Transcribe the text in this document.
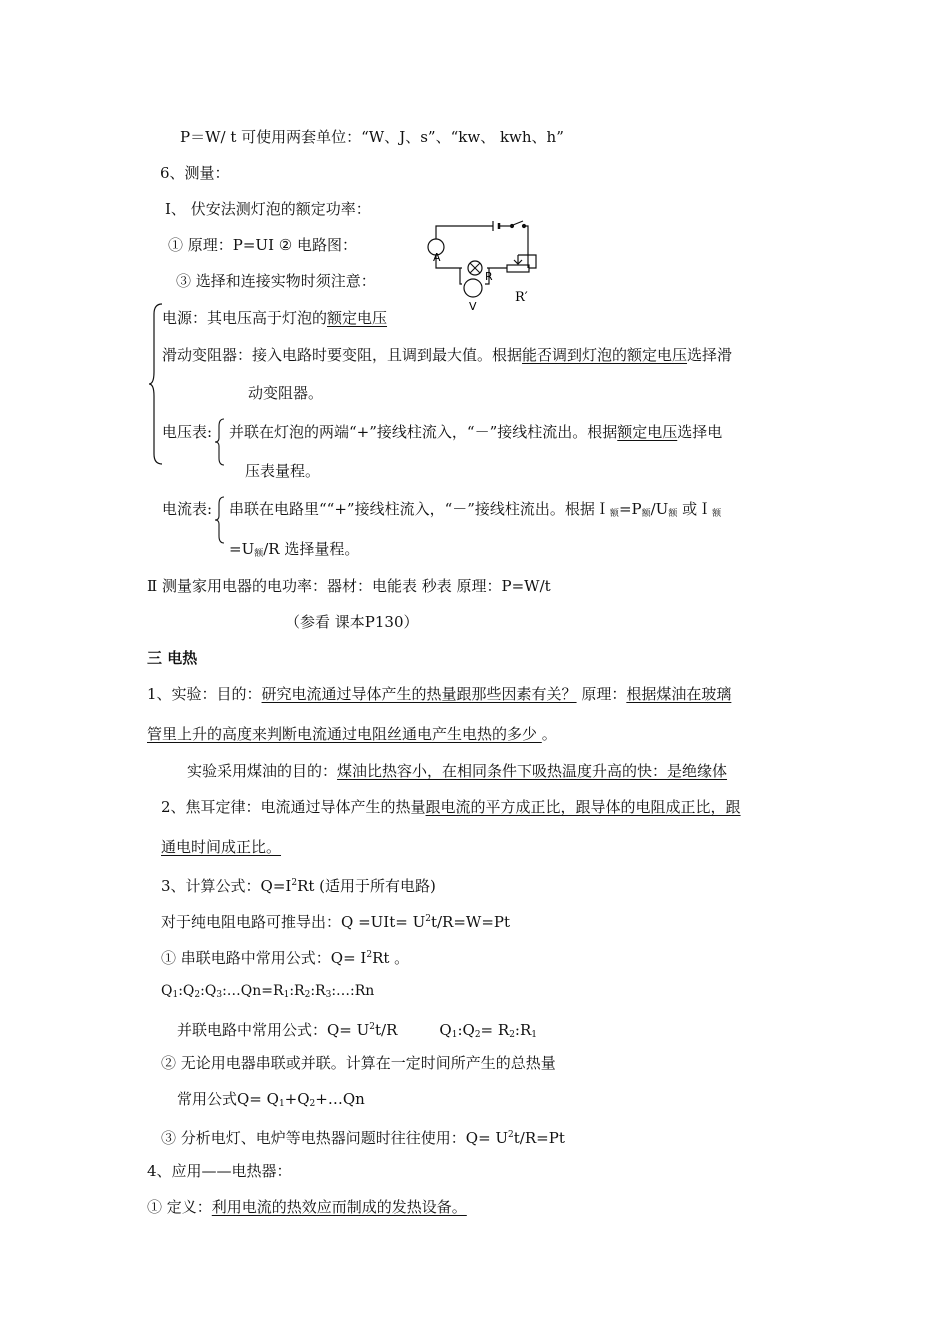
P＝W/ t 可使用两套单位：“W、J、s”、“kw、 kwh、h”
6、测量：
Ⅰ、 伏安法测灯泡的额定功率：
① 原理：P=UI ② 电路图：
③ 选择和连接实物时须注意：
A
R
V
R′
电源：其电压高于灯泡的额定电压
滑动变阻器：接入电路时要变阻，且调到最大值。根据能否调到灯泡的额定电压选择滑
动变阻器。
电压表: 并联在灯泡的两端“+”接线柱流入，“－”接线柱流出。根据额定电压选择电
压表量程。
电流表: 串联在电路里““+”接线柱流入，“－”接线柱流出。根据$I_额=P_额/U_额$ 或Ｉ$_额$
$=U_额/R$ 选择量程。
Ⅱ 测量家用电器的电功率：器材：电能表 秒表 原理：P=W/t
（参看 课本P130）
三 电热
1、实验：目的：研究电流通过导体产生的热量跟那些因素有关？ 原理：根据煤油在玻璃
管里上升的高度来判断电流通过电阻丝通电产生电热的多少 。
实验采用煤油的目的：煤油比热容小，在相同条件下吸热温度升高的快：是绝缘体
2、焦耳定律：电流通过导体产生的热量跟电流的平方成正比，跟导体的电阻成正比，跟
通电时间成正比。
3、计算公式：$Q=I^2Rt$ (适用于所有电路)
对于纯电阻电路可推导出：$Q =UIt= U^2t/R=W=Pt$
① 串联电路中常用公式：$Q= I^2Rt$ 。
$Q_1:Q_2:Q_3:\dots Qn=R_1:R_2:R_3:\dots:Rn$
并联电路中常用公式：$Q= U^2t/R$	$Q_1:Q_2=$ $R_2:R_1$
② 无论用电器串联或并联。计算在一定时间所产生的总热量
常用公式$Q= Q_1+Q_2+\dots Qn$
③ 分析电灯、电炉等电热器问题时往往使用：$Q= U^2t/R=Pt$
4、应用——电热器：
① 定义：利用电流的热效应而制成的发热设备。
